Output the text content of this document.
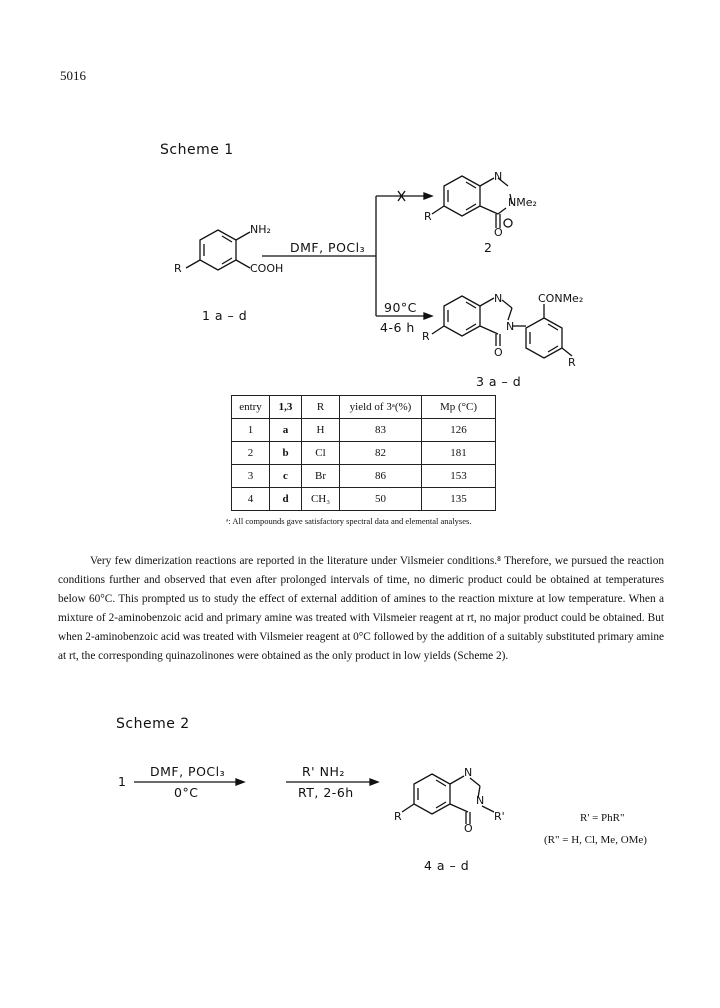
5016
Scheme 1
NH₂
COOH
R
1 a – d
DMF, POCl₃
90°C
4-6 h
N
NMe₂
O
R
2
N
N
O
R
R
CONMe₂
3 a – d
entry	1,3	R	yield of 3ᵃ(%)	Mp (°C)
1	a	H	83	126
2	b	Cl	82	181
3	c	Br	86	153
4	d	CH₃	50	135
ᵃ: All compounds gave satisfactory spectral data and elemental analyses.

Very few dimerization reactions are reported in the literature under Vilsmeier conditions.⁸ Therefore, we pursued the reaction conditions further and observed that even after prolonged intervals of time, no dimeric product could be obtained at temperatures below 60°C. This prompted us to study the effect of external addition of amines to the reaction mixture at low temperature. When a mixture of 2-aminobenzoic acid and primary amine was treated with Vilsmeier reagent at rt, no major product could be obtained. But when 2-aminobenzoic acid was treated with Vilsmeier reagent at 0°C followed by the addition of a suitably substituted primary amine at rt, the corresponding quinazolinones were obtained as the only product in low yields (Scheme 2).

Scheme 2
1
DMF, POCl₃
0°C
R' NH₂
RT, 2-6h
N
N
O
R	R'
4 a – d
R' = PhR"
(R" = H, Cl, Me, OMe)
